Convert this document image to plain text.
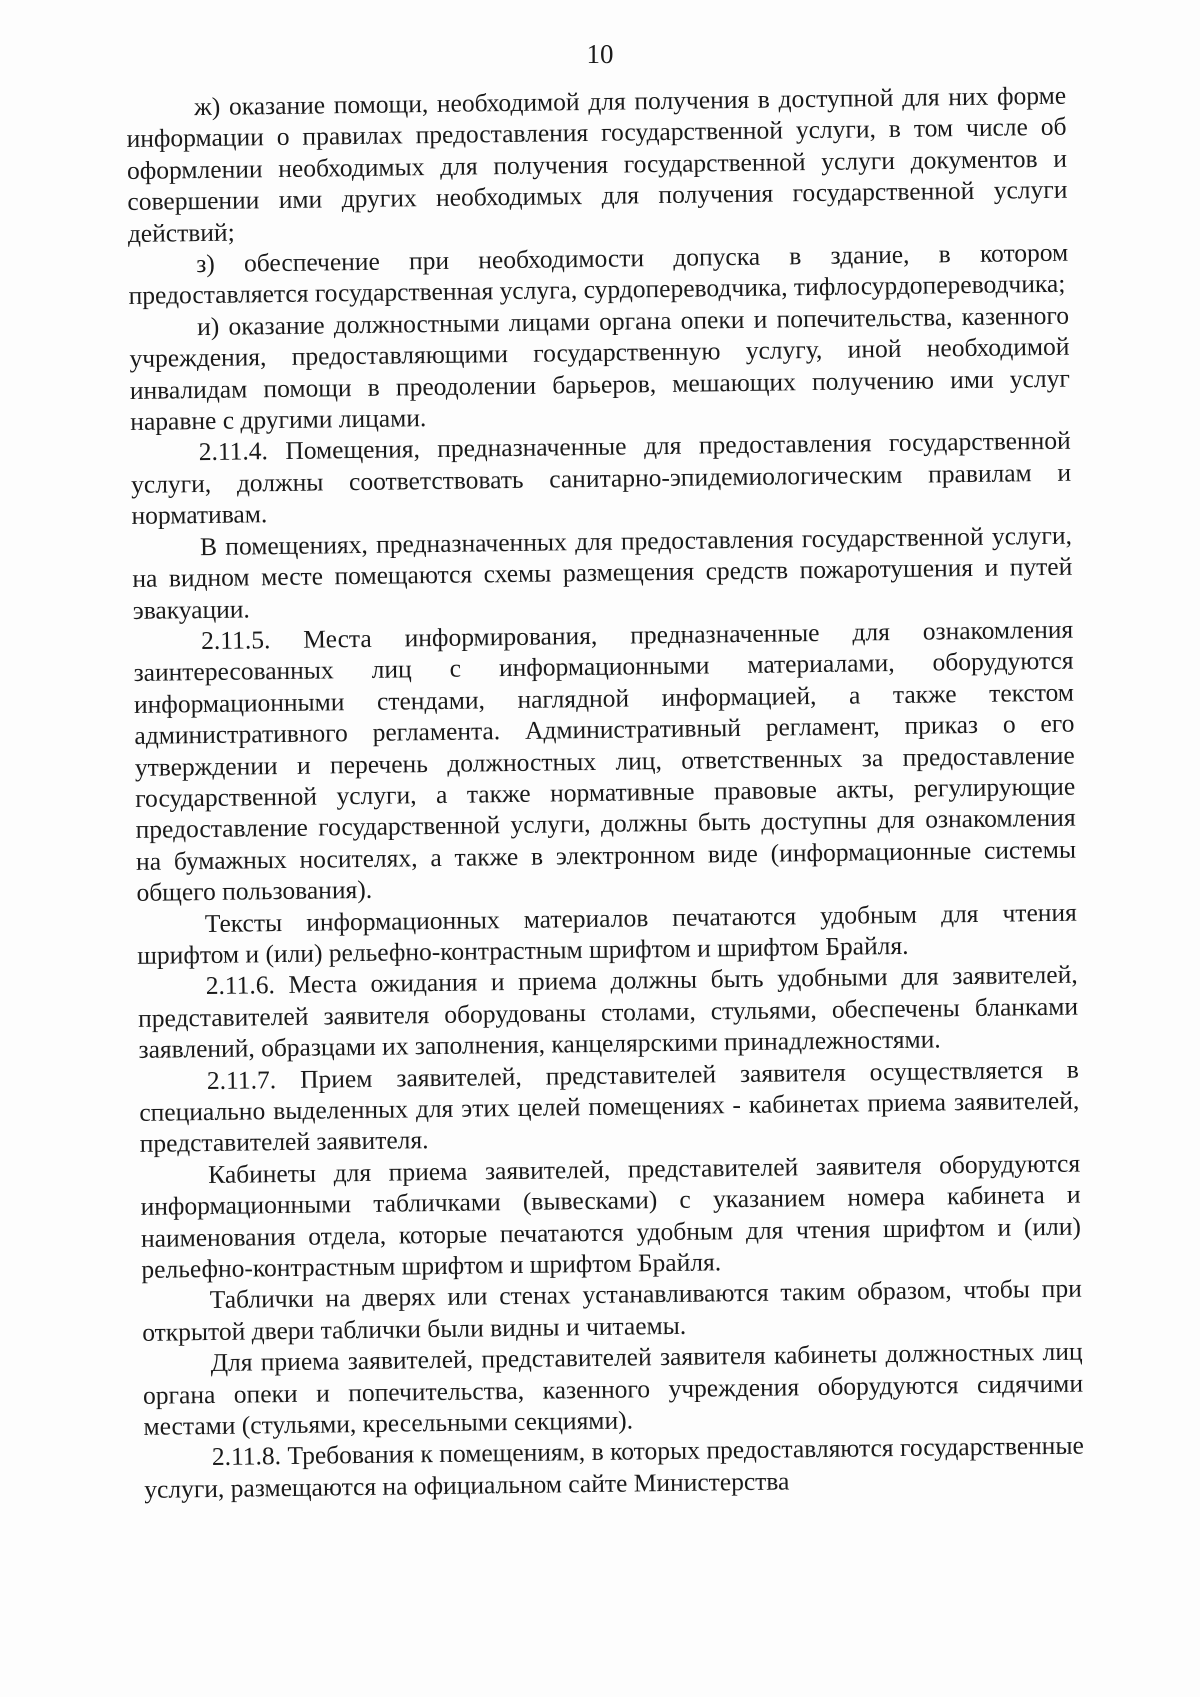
10

ж) оказание помощи, необходимой для получения в доступной для них форме информации о правилах предоставления государственной услуги, в том числе об оформлении необходимых для получения государственной услуги документов и совершении ими других необходимых для получения государственной услуги действий;

з) обеспечение при необходимости допуска в здание, в котором предоставляется государственная услуга, сурдопереводчика, тифлосурдопереводчика;

и) оказание должностными лицами органа опеки и попечительства, казенного учреждения, предоставляющими государственную услугу, иной необходимой инвалидам помощи в преодолении барьеров, мешающих получению ими услуг наравне с другими лицами.

2.11.4. Помещения, предназначенные для предоставления государственной услуги, должны соответствовать санитарно-эпидемиологическим правилам и нормативам.

В помещениях, предназначенных для предоставления государственной услуги, на видном месте помещаются схемы размещения средств пожаротушения и путей эвакуации.

2.11.5. Места информирования, предназначенные для ознакомления заинтересованных лиц с информационными материалами, оборудуются информационными стендами, наглядной информацией, а также текстом административного регламента. Административный регламент, приказ о его утверждении и перечень должностных лиц, ответственных за предоставление государственной услуги, а также нормативные правовые акты, регулирующие предоставление государственной услуги, должны быть доступны для ознакомления на бумажных носителях, а также в электронном виде (информационные системы общего пользования).

Тексты информационных материалов печатаются удобным для чтения шрифтом и (или) рельефно-контрастным шрифтом и шрифтом Брайля.

2.11.6. Места ожидания и приема должны быть удобными для заявителей, представителей заявителя оборудованы столами, стульями, обеспечены бланками заявлений, образцами их заполнения, канцелярскими принадлежностями.

2.11.7. Прием заявителей, представителей заявителя осуществляется в специально выделенных для этих целей помещениях - кабинетах приема заявителей, представителей заявителя.

Кабинеты для приема заявителей, представителей заявителя оборудуются информационными табличками (вывесками) с указанием номера кабинета и наименования отдела, которые печатаются удобным для чтения шрифтом и (или) рельефно-контрастным шрифтом и шрифтом Брайля.

Таблички на дверях или стенах устанавливаются таким образом, чтобы при открытой двери таблички были видны и читаемы.

Для приема заявителей, представителей заявителя кабинеты должностных лиц органа опеки и попечительства, казенного учреждения оборудуются сидячими местами (стульями, кресельными секциями).

2.11.8. Требования к помещениям, в которых предоставляются государственные услуги, размещаются на официальном сайте Министерства
